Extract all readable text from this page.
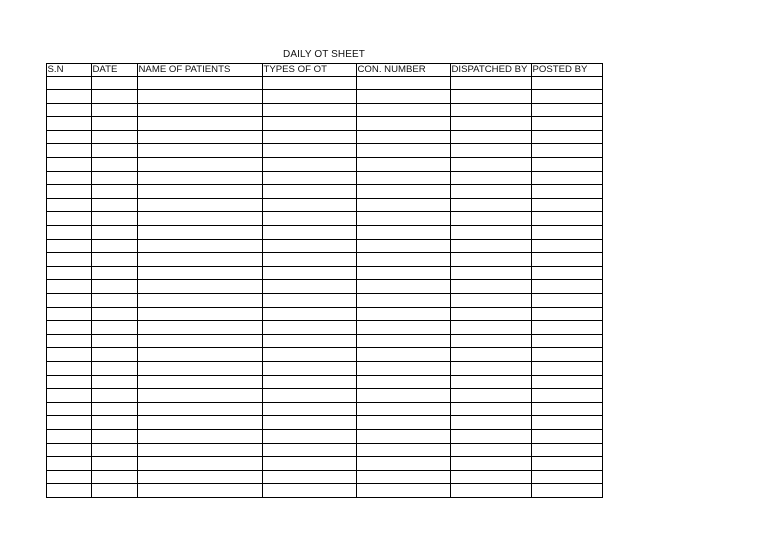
DAILY OT SHEET
S.N	DATE	NAME OF PATIENTS	TYPES OF OT	CON. NUMBER	DISPATCHED BY	POSTED BY
